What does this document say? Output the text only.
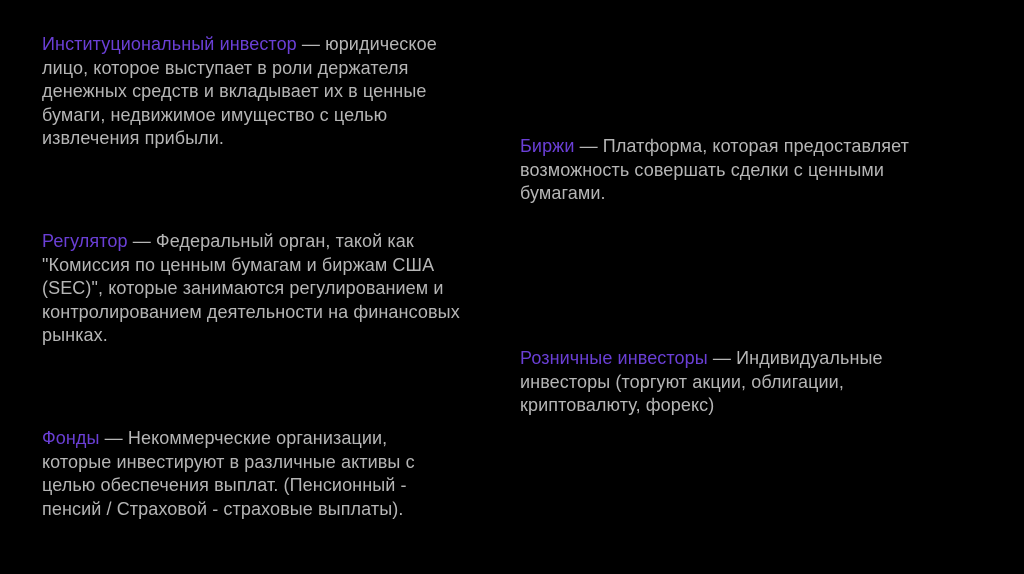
Институциональный инвестор — юридическое
лицо, которое выступает в роли держателя
денежных средств и вкладывает их в ценные
бумаги, недвижимое имущество с целью
извлечения прибыли.	Биржи — Платформа, которая предоставляет
возможность совершать сделки с ценными
бумагами.

Регулятор — Федеральный орган, такой как
"Комиссия по ценным бумагам и биржам США
(SEC)", которые занимаются регулированием и
контролированием деятельности на финансовых
рынках.

Розничные инвесторы — Индивидуальные
инвесторы (торгуют акции, облигации,
криптовалюту, форекс)

Фонды — Некоммерческие организации,
которые инвестируют в различные активы с
целью обеспечения выплат. (Пенсионный -
пенсий / Страховой - страховые выплаты).
